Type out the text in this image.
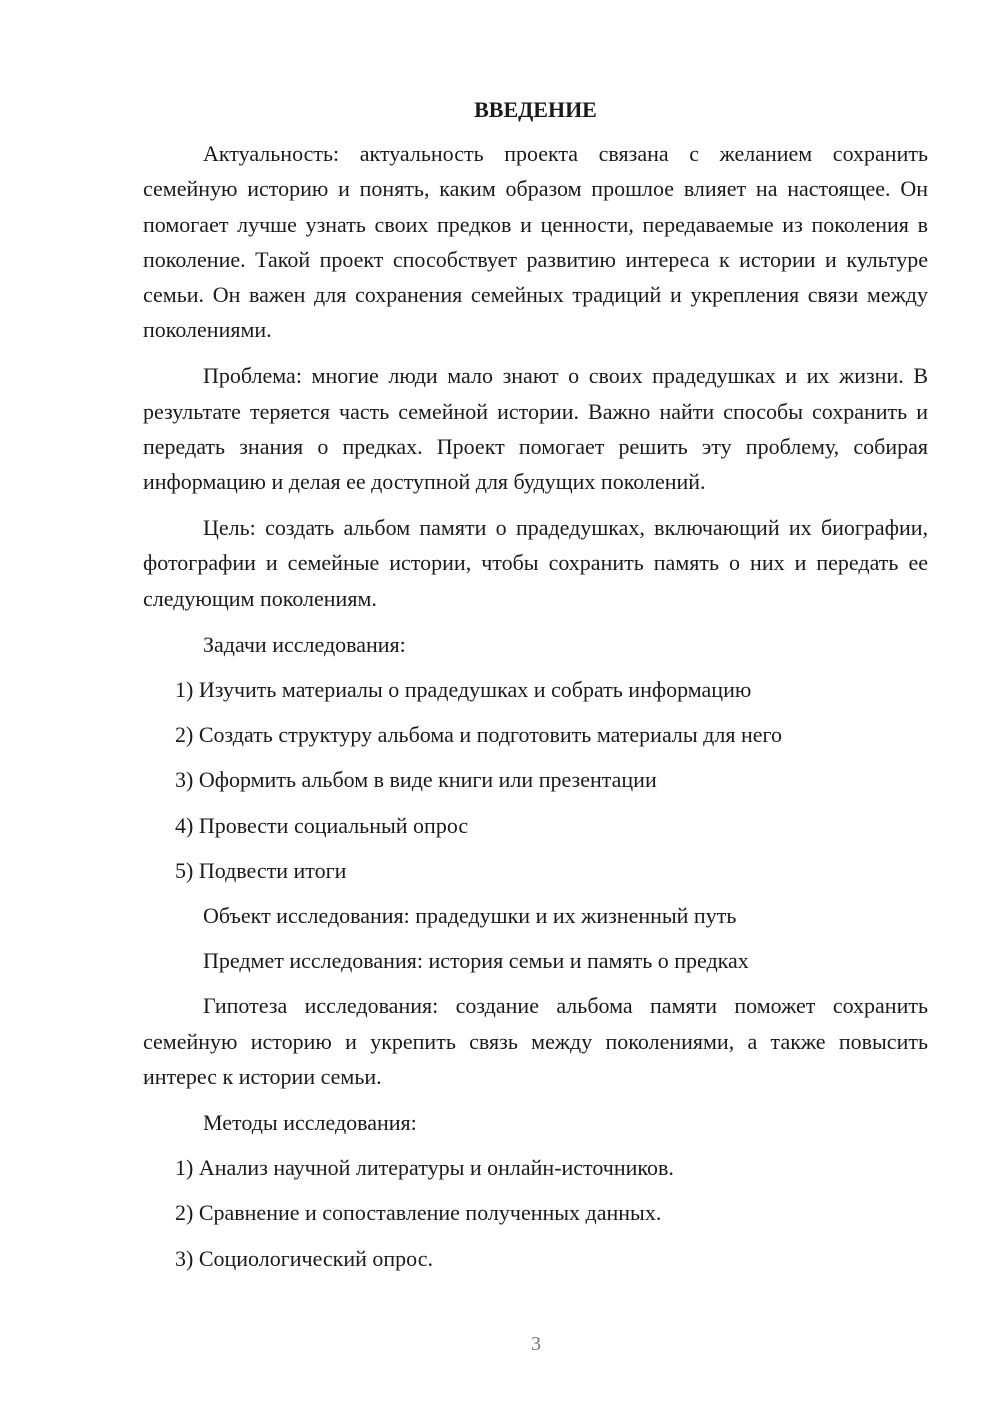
ВВЕДЕНИЕ
Актуальность: актуальность проекта связана с желанием сохранить семейную историю и понять, каким образом прошлое влияет на настоящее. Он помогает лучше узнать своих предков и ценности, передаваемые из поколения в поколение. Такой проект способствует развитию интереса к истории и культуре семьи. Он важен для сохранения семейных традиций и укрепления связи между поколениями.
Проблема: многие люди мало знают о своих прадедушках и их жизни. В результате теряется часть семейной истории. Важно найти способы сохранить и передать знания о предках. Проект помогает решить эту проблему, собирая информацию и делая ее доступной для будущих поколений.
Цель: создать альбом памяти о прадедушках, включающий их биографии, фотографии и семейные истории, чтобы сохранить память о них и передать ее следующим поколениям.
Задачи исследования:
1) Изучить материалы о прадедушках и собрать информацию
2) Создать структуру альбома и подготовить материалы для него
3) Оформить альбом в виде книги или презентации
4) Провести социальный опрос
5) Подвести итоги
Объект исследования: прадедушки и их жизненный путь
Предмет исследования: история семьи и память о предках
Гипотеза исследования: создание альбома памяти поможет сохранить семейную историю и укрепить связь между поколениями, а также повысить интерес к истории семьи.
Методы исследования:
1) Анализ научной литературы и онлайн-источников.
2) Сравнение и сопоставление полученных данных.
3) Социологический опрос.
3
